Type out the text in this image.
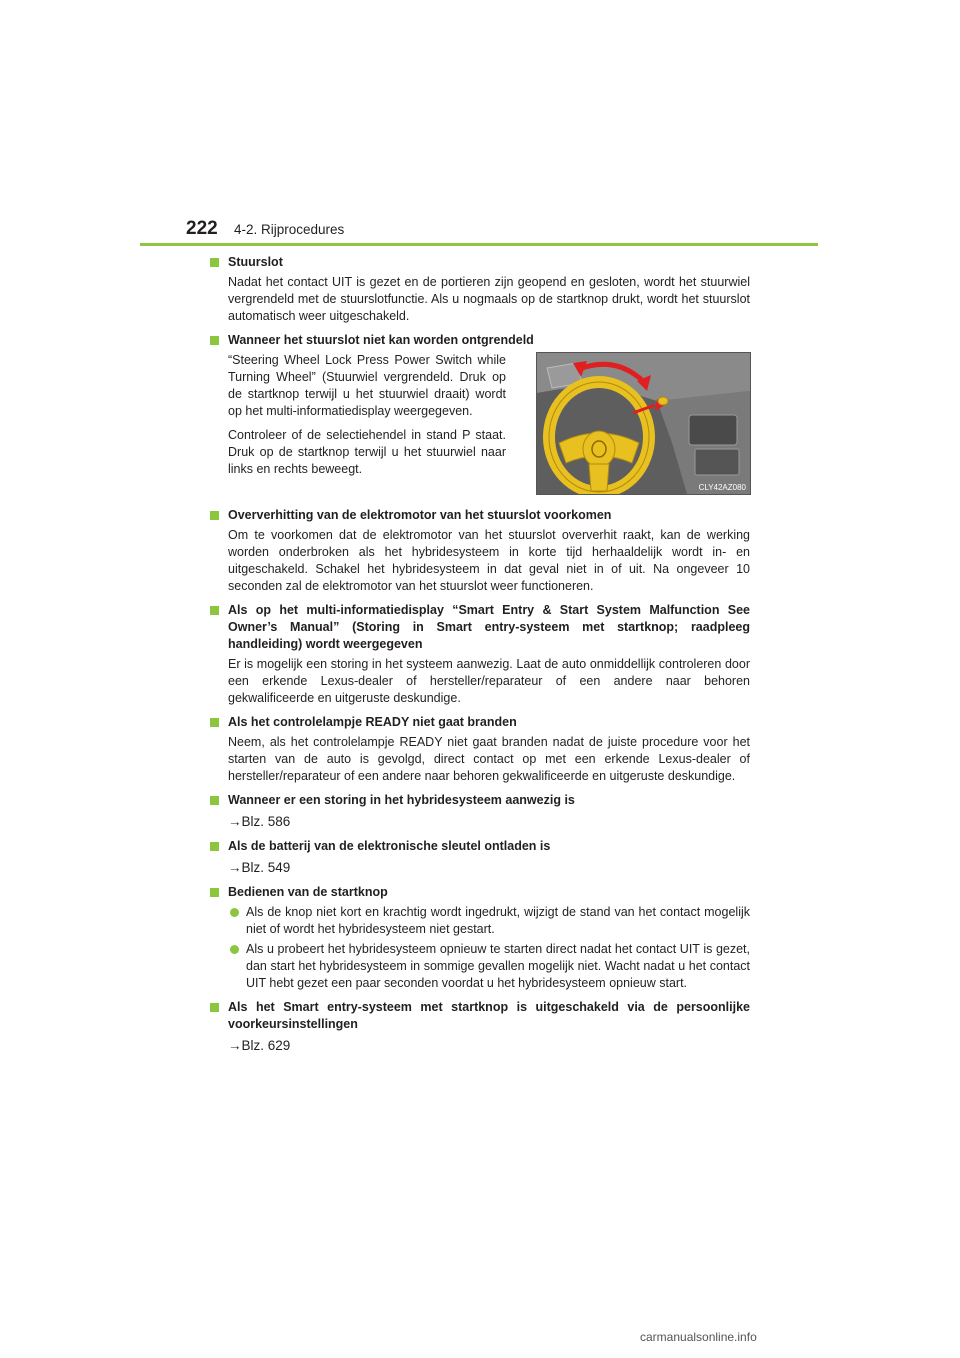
222 4-2. Rijprocedures
Stuurslot

Nadat het contact UIT is gezet en de portieren zijn geopend en gesloten, wordt het stuurwiel vergrendeld met de stuurslotfunctie. Als u nogmaals op de startknop drukt, wordt het stuurslot automatisch weer uitgeschakeld.

Wanneer het stuurslot niet kan worden ontgrendeld

“Steering Wheel Lock Press Power Switch while Turning Wheel” (Stuurwiel vergrendeld. Druk op de startknop terwijl u het stuurwiel draait) wordt op het multi-informatiedisplay weergegeven.

Controleer of de selectiehendel in stand P staat. Druk op de startknop terwijl u het stuurwiel naar links en rechts beweegt.

CLY42AZ080
Oververhitting van de elektromotor van het stuurslot voorkomen

Om te voorkomen dat de elektromotor van het stuurslot oververhit raakt, kan de werking worden onderbroken als het hybridesysteem in korte tijd herhaaldelijk wordt in- en uitgeschakeld. Schakel het hybridesysteem in dat geval niet in of uit. Na ongeveer 10 seconden zal de elektromotor van het stuurslot weer functioneren.

Als op het multi-informatiedisplay “Smart Entry & Start System Malfunction See Owner’s Manual” (Storing in Smart entry-systeem met startknop; raadpleeg handleiding) wordt weergegeven

Er is mogelijk een storing in het systeem aanwezig. Laat de auto onmiddellijk controleren door een erkende Lexus-dealer of hersteller/reparateur of een andere naar behoren gekwalificeerde en uitgeruste deskundige.

Als het controlelampje READY niet gaat branden

Neem, als het controlelampje READY niet gaat branden nadat de juiste procedure voor het starten van de auto is gevolgd, direct contact op met een erkende Lexus-dealer of hersteller/reparateur of een andere naar behoren gekwalificeerde en uitgeruste deskundige.

Wanneer er een storing in het hybridesysteem aanwezig is
→Blz. 586
Als de batterij van de elektronische sleutel ontladen is
→Blz. 549
Bedienen van de startknop

Als de knop niet kort en krachtig wordt ingedrukt, wijzigt de stand van het contact mogelijk niet of wordt het hybridesysteem niet gestart.

Als u probeert het hybridesysteem opnieuw te starten direct nadat het contact UIT is gezet, dan start het hybridesysteem in sommige gevallen mogelijk niet. Wacht nadat u het contact UIT hebt gezet een paar seconden voordat u het hybridesysteem opnieuw start.

Als het Smart entry-systeem met startknop is uitgeschakeld via de persoonlijke voorkeursinstellingen
→Blz. 629
carmanualsonline.info
